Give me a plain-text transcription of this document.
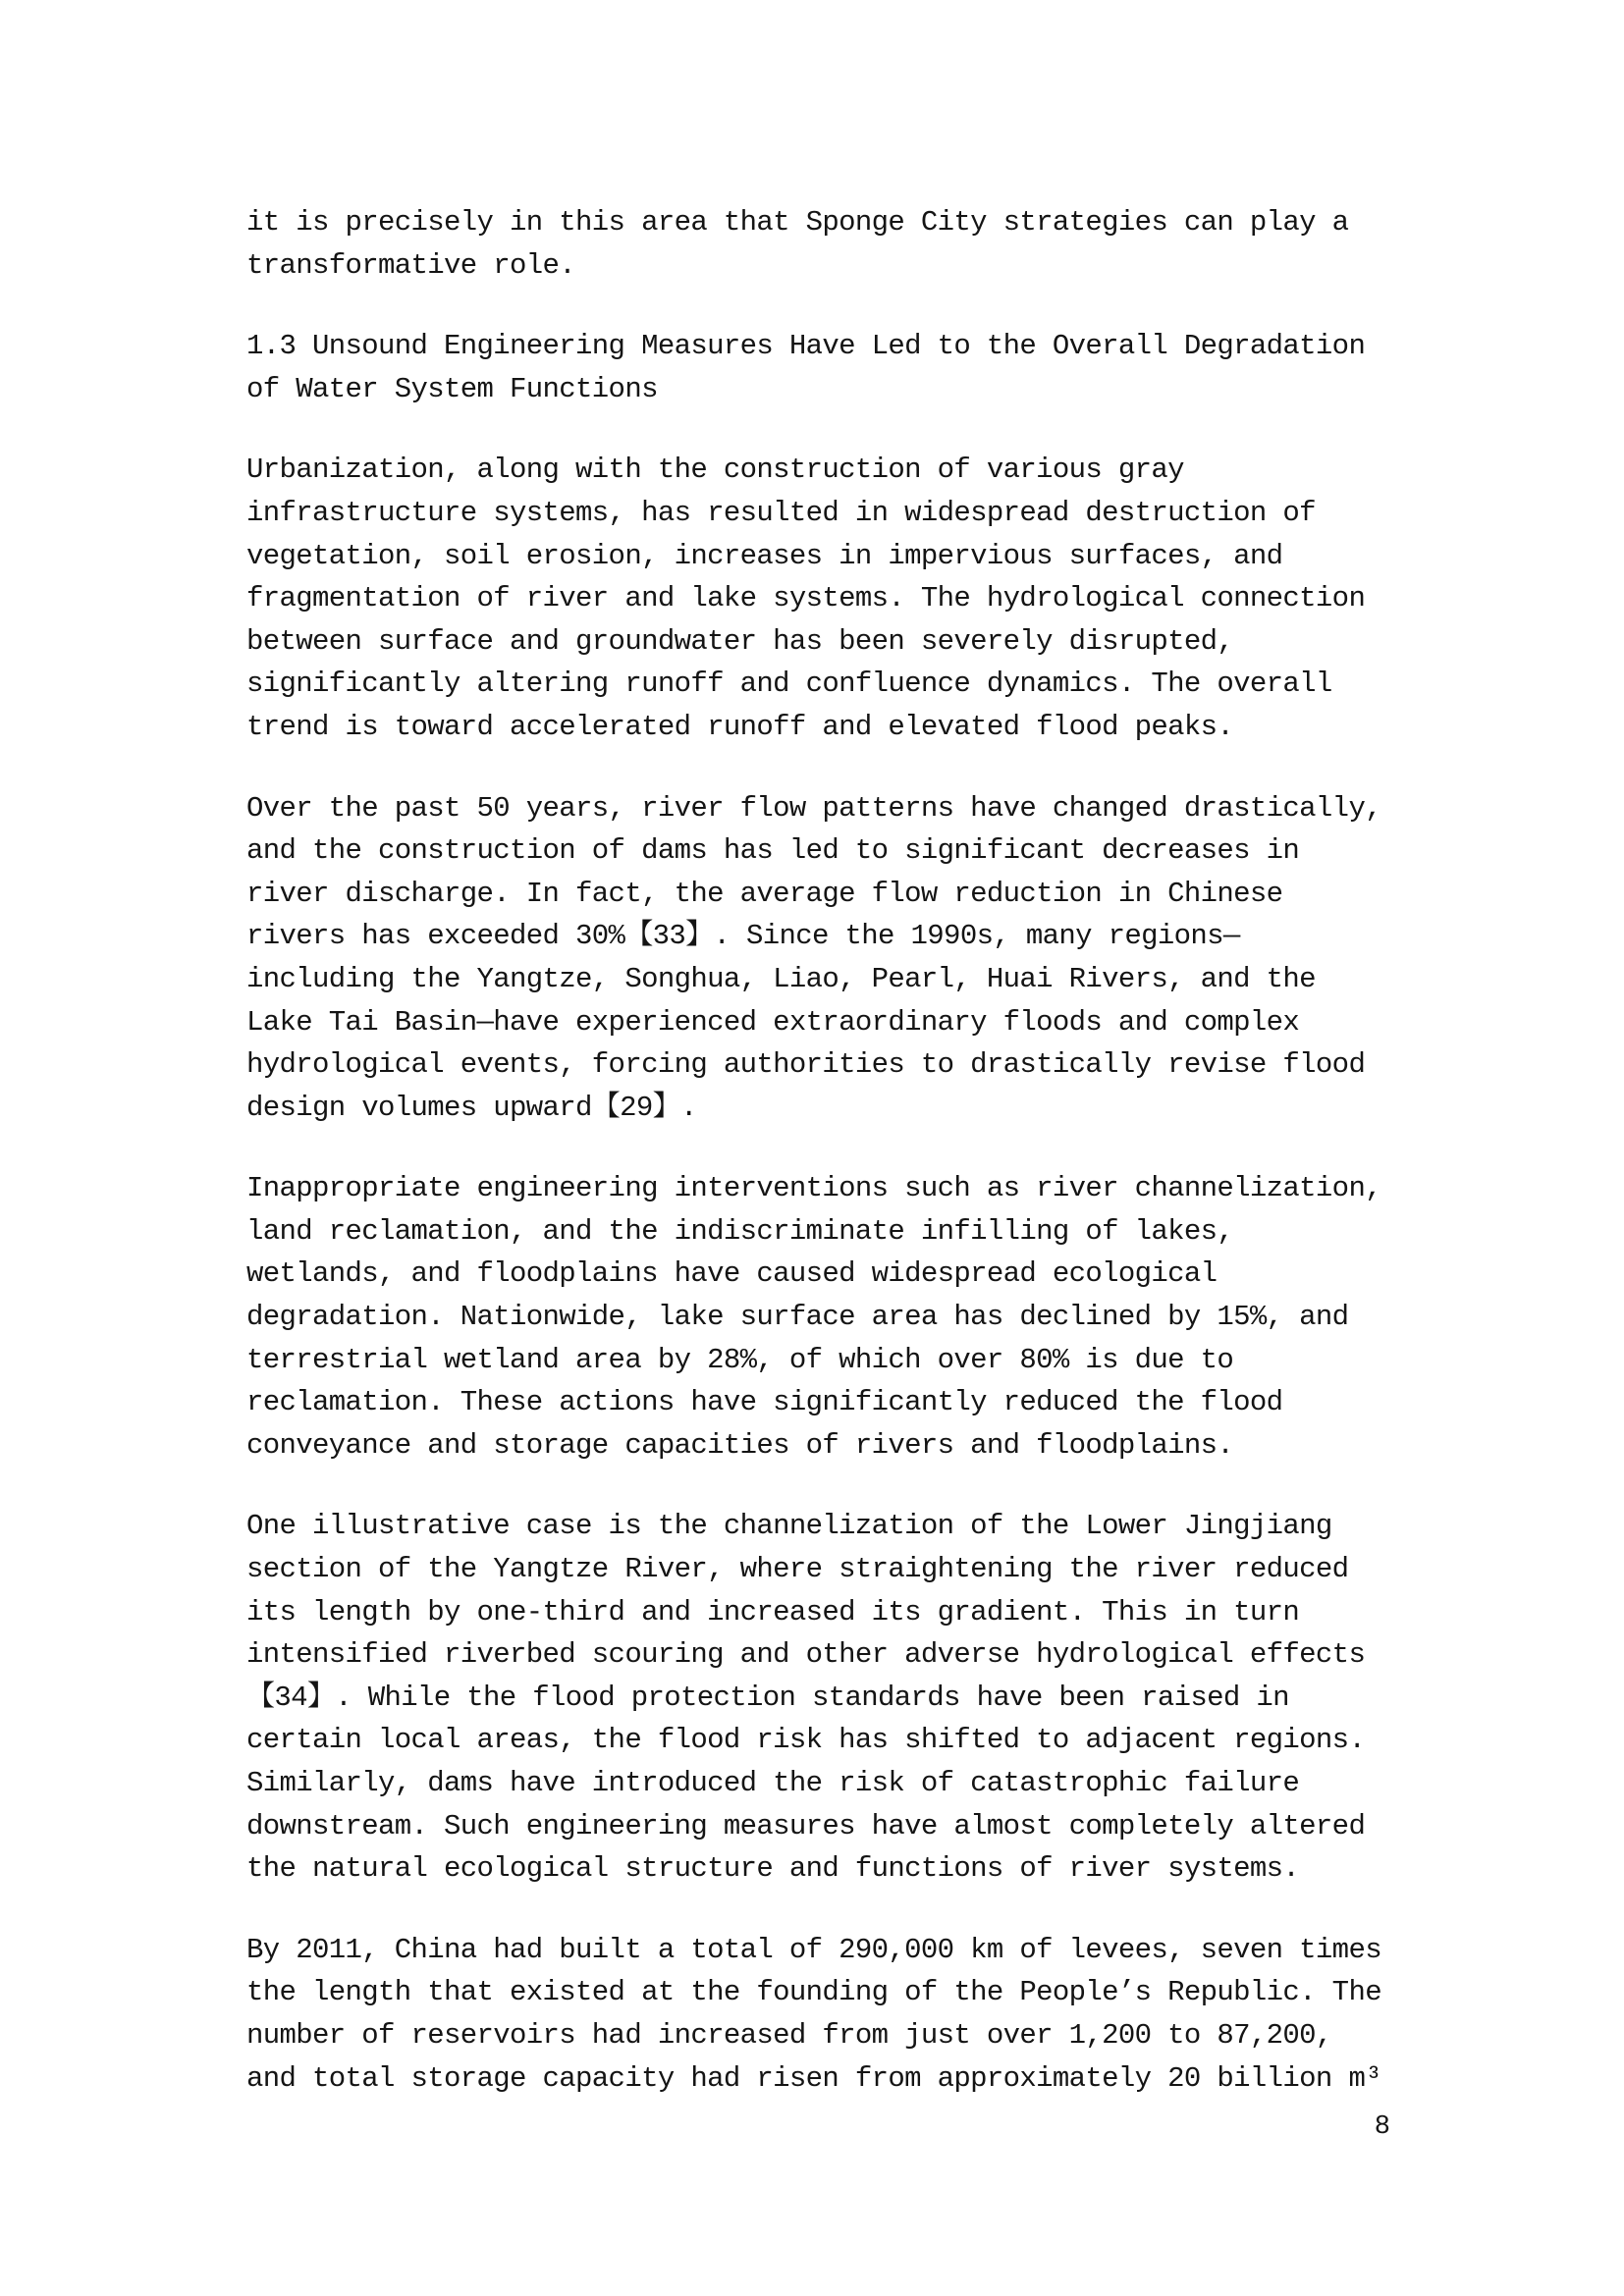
it is precisely in this area that Sponge City strategies can play a
transformative role.
1.3 Unsound Engineering Measures Have Led to the Overall Degradation
of Water System Functions
Urbanization, along with the construction of various gray
infrastructure systems, has resulted in widespread destruction of
vegetation, soil erosion, increases in impervious surfaces, and
fragmentation of river and lake systems. The hydrological connection
between surface and groundwater has been severely disrupted,
significantly altering runoff and confluence dynamics. The overall
trend is toward accelerated runoff and elevated flood peaks.
Over the past 50 years, river flow patterns have changed drastically,
and the construction of dams has led to significant decreases in
river discharge. In fact, the average flow reduction in Chinese
rivers has exceeded 30%【33】. Since the 1990s, many regions—
including the Yangtze, Songhua, Liao, Pearl, Huai Rivers, and the
Lake Tai Basin—have experienced extraordinary floods and complex
hydrological events, forcing authorities to drastically revise flood
design volumes upward【29】.
Inappropriate engineering interventions such as river channelization,
land reclamation, and the indiscriminate infilling of lakes,
wetlands, and floodplains have caused widespread ecological
degradation. Nationwide, lake surface area has declined by 15%, and
terrestrial wetland area by 28%, of which over 80% is due to
reclamation. These actions have significantly reduced the flood
conveyance and storage capacities of rivers and floodplains.
One illustrative case is the channelization of the Lower Jingjiang
section of the Yangtze River, where straightening the river reduced
its length by one-third and increased its gradient. This in turn
intensified riverbed scouring and other adverse hydrological effects
【34】. While the flood protection standards have been raised in
certain local areas, the flood risk has shifted to adjacent regions.
Similarly, dams have introduced the risk of catastrophic failure
downstream. Such engineering measures have almost completely altered
the natural ecological structure and functions of river systems.
By 2011, China had built a total of 290,000 km of levees, seven times
the length that existed at the founding of the People’s Republic. The
number of reservoirs had increased from just over 1,200 to 87,200,
and total storage capacity had risen from approximately 20 billion m³
8
